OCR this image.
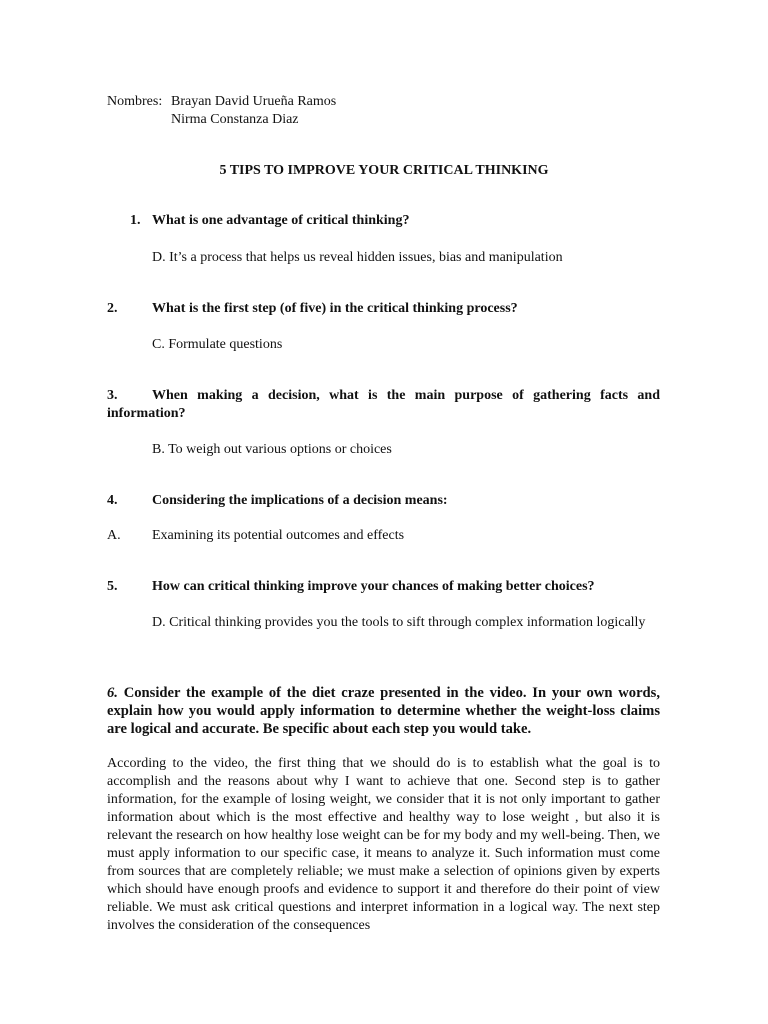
Nombres: Brayan David Urueña Ramos
Nirma Constanza Diaz
5 TIPS TO IMPROVE YOUR CRITICAL THINKING
1. What is one advantage of critical thinking?
D. It’s a process that helps us reveal hidden issues, bias and manipulation
2. What is the first step (of five) in the critical thinking process?
C. Formulate questions
3. When making a decision, what is the main purpose of gathering facts and information?
B. To weigh out various options or choices
4. Considering the implications of a decision means:
A. Examining its potential outcomes and effects
5. How can critical thinking improve your chances of making better choices?
D. Critical thinking provides you the tools to sift through complex information logically
6. Consider the example of the diet craze presented in the video. In your own words, explain how you would apply information to determine whether the weight-loss claims are logical and accurate. Be specific about each step you would take.
According to the video, the first thing that we should do is to establish what the goal is to accomplish and the reasons about why I want to achieve that one. Second step is to gather information, for the example of losing weight, we consider that it is not only important to gather information about which is the most effective and healthy way to lose weight , but also it is relevant the research on how healthy lose weight can be for my body and my well-being. Then, we must apply information to our specific case, it means to analyze it. Such information must come from sources that are completely reliable; we must make a selection of opinions given by experts which should have enough proofs and evidence to support it and therefore do their point of view reliable. We must ask critical questions and interpret information in a logical way. The next step involves the consideration of the consequences
